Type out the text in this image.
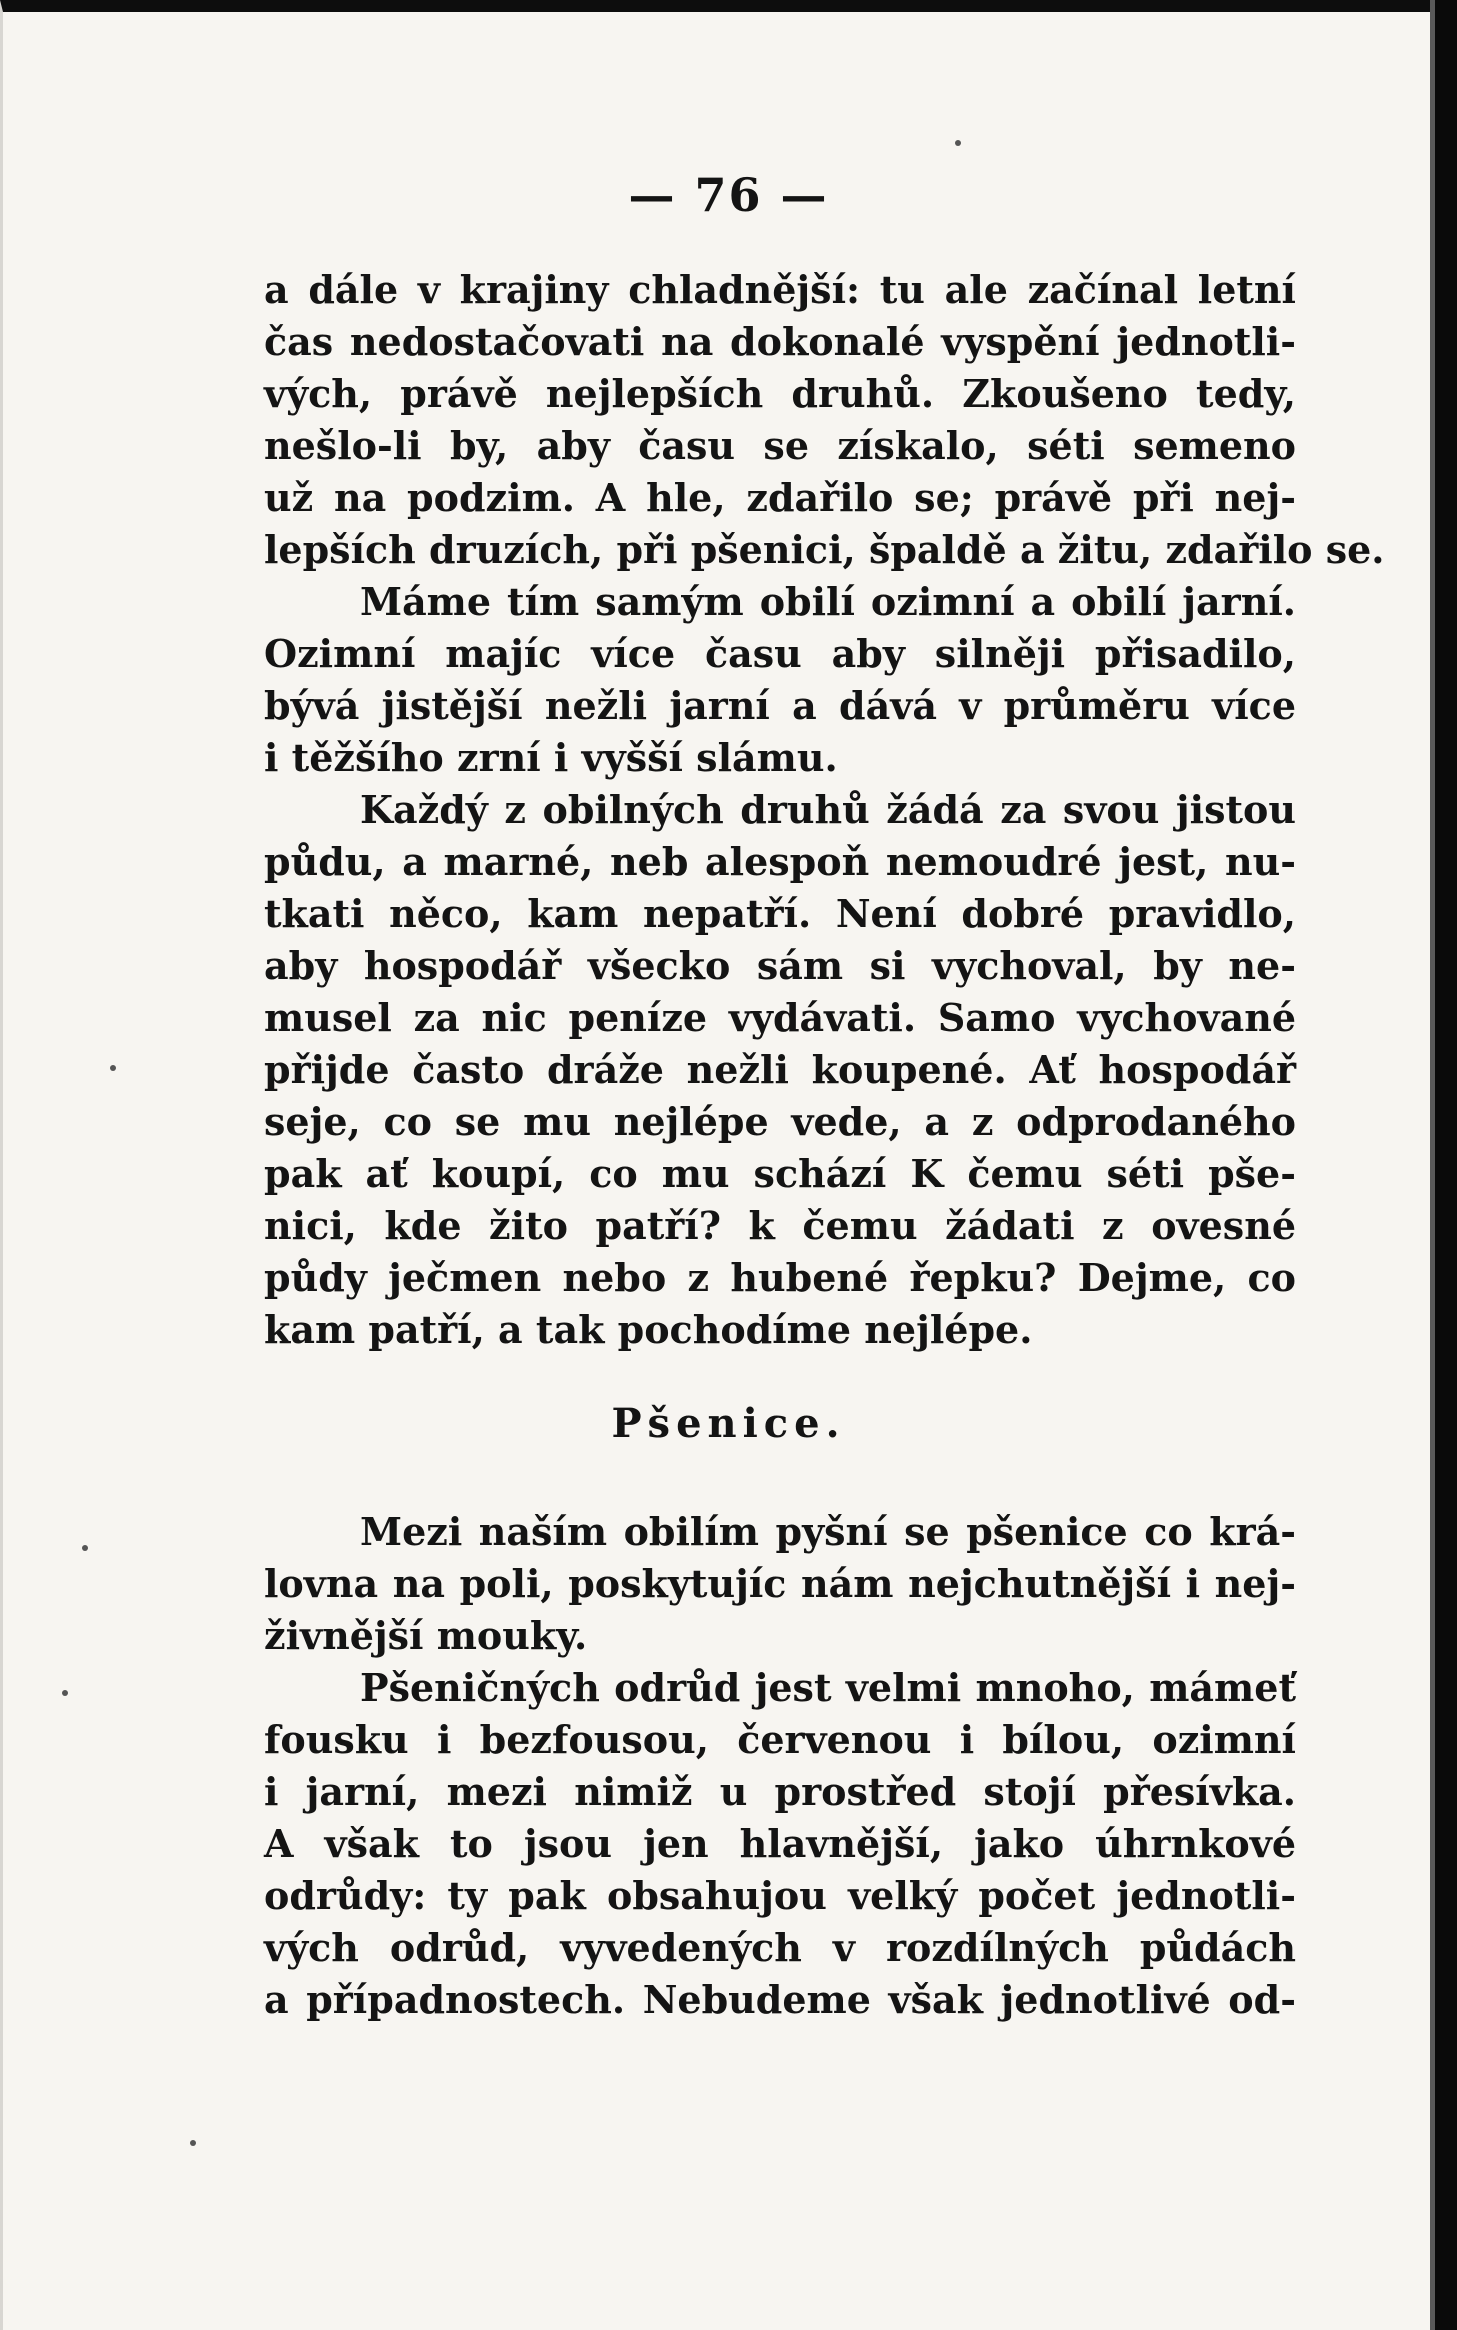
— 76 —
a dále v krajiny chladnější: tu ale začínal letní
čas nedostačovati na dokonalé vyspění jednotli-
vých, právě nejlepších druhů. Zkoušeno tedy,
nešlo-li by, aby času se získalo, séti semeno
už na podzim. A hle, zdařilo se; právě při nej-
lepších druzích, při pšenici, špaldě a žitu, zdařilo se.
Máme tím samým obilí ozimní a obilí jarní.
Ozimní majíc více času aby silněji přisadilo,
bývá jistější nežli jarní a dává v průměru více
i těžšího zrní i vyšší slámu.
Každý z obilných druhů žádá za svou jistou
půdu, a marné, neb alespoň nemoudré jest, nu-
tkati něco, kam nepatří. Není dobré pravidlo,
aby hospodář všecko sám si vychoval, by ne-
musel za nic peníze vydávati. Samo vychované
přijde často dráže nežli koupené. Ať hospodář
seje, co se mu nejlépe vede, a z odprodaného
pak ať koupí, co mu schází K čemu séti pše-
nici, kde žito patří? k čemu žádati z ovesné
půdy ječmen nebo z hubené řepku? Dejme, co
kam patří, a tak pochodíme nejlépe.
Pšenice.
Mezi naším obilím pyšní se pšenice co krá-
lovna na poli, poskytujíc nám nejchutnější i nej-
živnější mouky.
Pšeničných odrůd jest velmi mnoho, mámeť
fousku i bezfousou, červenou i bílou, ozimní
i jarní, mezi nimiž u prostřed stojí přesívka.
A však to jsou jen hlavnější, jako úhrnkové
odrůdy: ty pak obsahujou velký počet jednotli-
vých odrůd, vyvedených v rozdílných půdách
a případnostech. Nebudeme však jednotlivé od-
